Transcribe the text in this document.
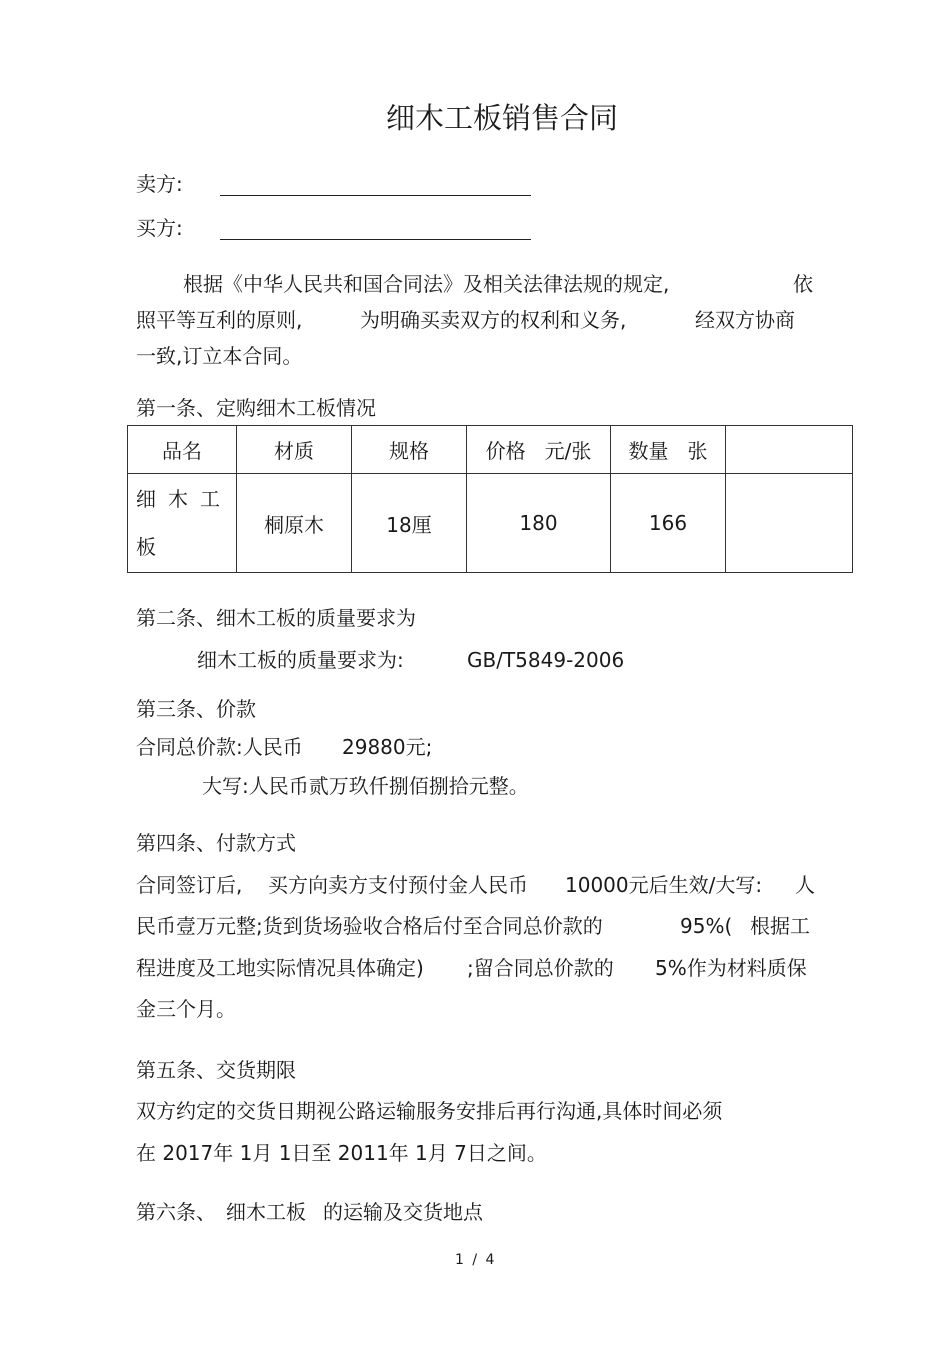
细木工板销售合同
卖方:
买方:
根据《中华人民共和国合同法》及相关法律法规的规定,	依
照平等互利的原则,	为明确买卖双方的权利和义务,	经双方协商
一致,订立本合同。
第一条、定购细木工板情况
品名	材质	规格	价格   元/张	数量   张	
细木工板	桐原木	18厘	180	166	
第二条、细木工板的质量要求为
细木工板的质量要求为:	GB/T5849-2006
第三条、价款
合同总价款:人民币 29880元;
大写:人民币贰万玖仟捌佰捌拾元整。
第四条、付款方式
合同签订后, 买方向卖方支付预付金人民币 10000元后生效/大写: 人
民币壹万元整;货到货场验收合格后付至合同总价款的	95%( 根据工
程进度及工地实际情况具体确定) ;留合同总价款的 5%作为材料质保
金三个月。
第五条、交货期限
双方约定的交货日期视公路运输服务安排后再行沟通,具体时间必须
在 2017年 1月 1日至 2011年 1月 7日之间。
第六条、 细木工板 的运输及交货地点
1 / 4
